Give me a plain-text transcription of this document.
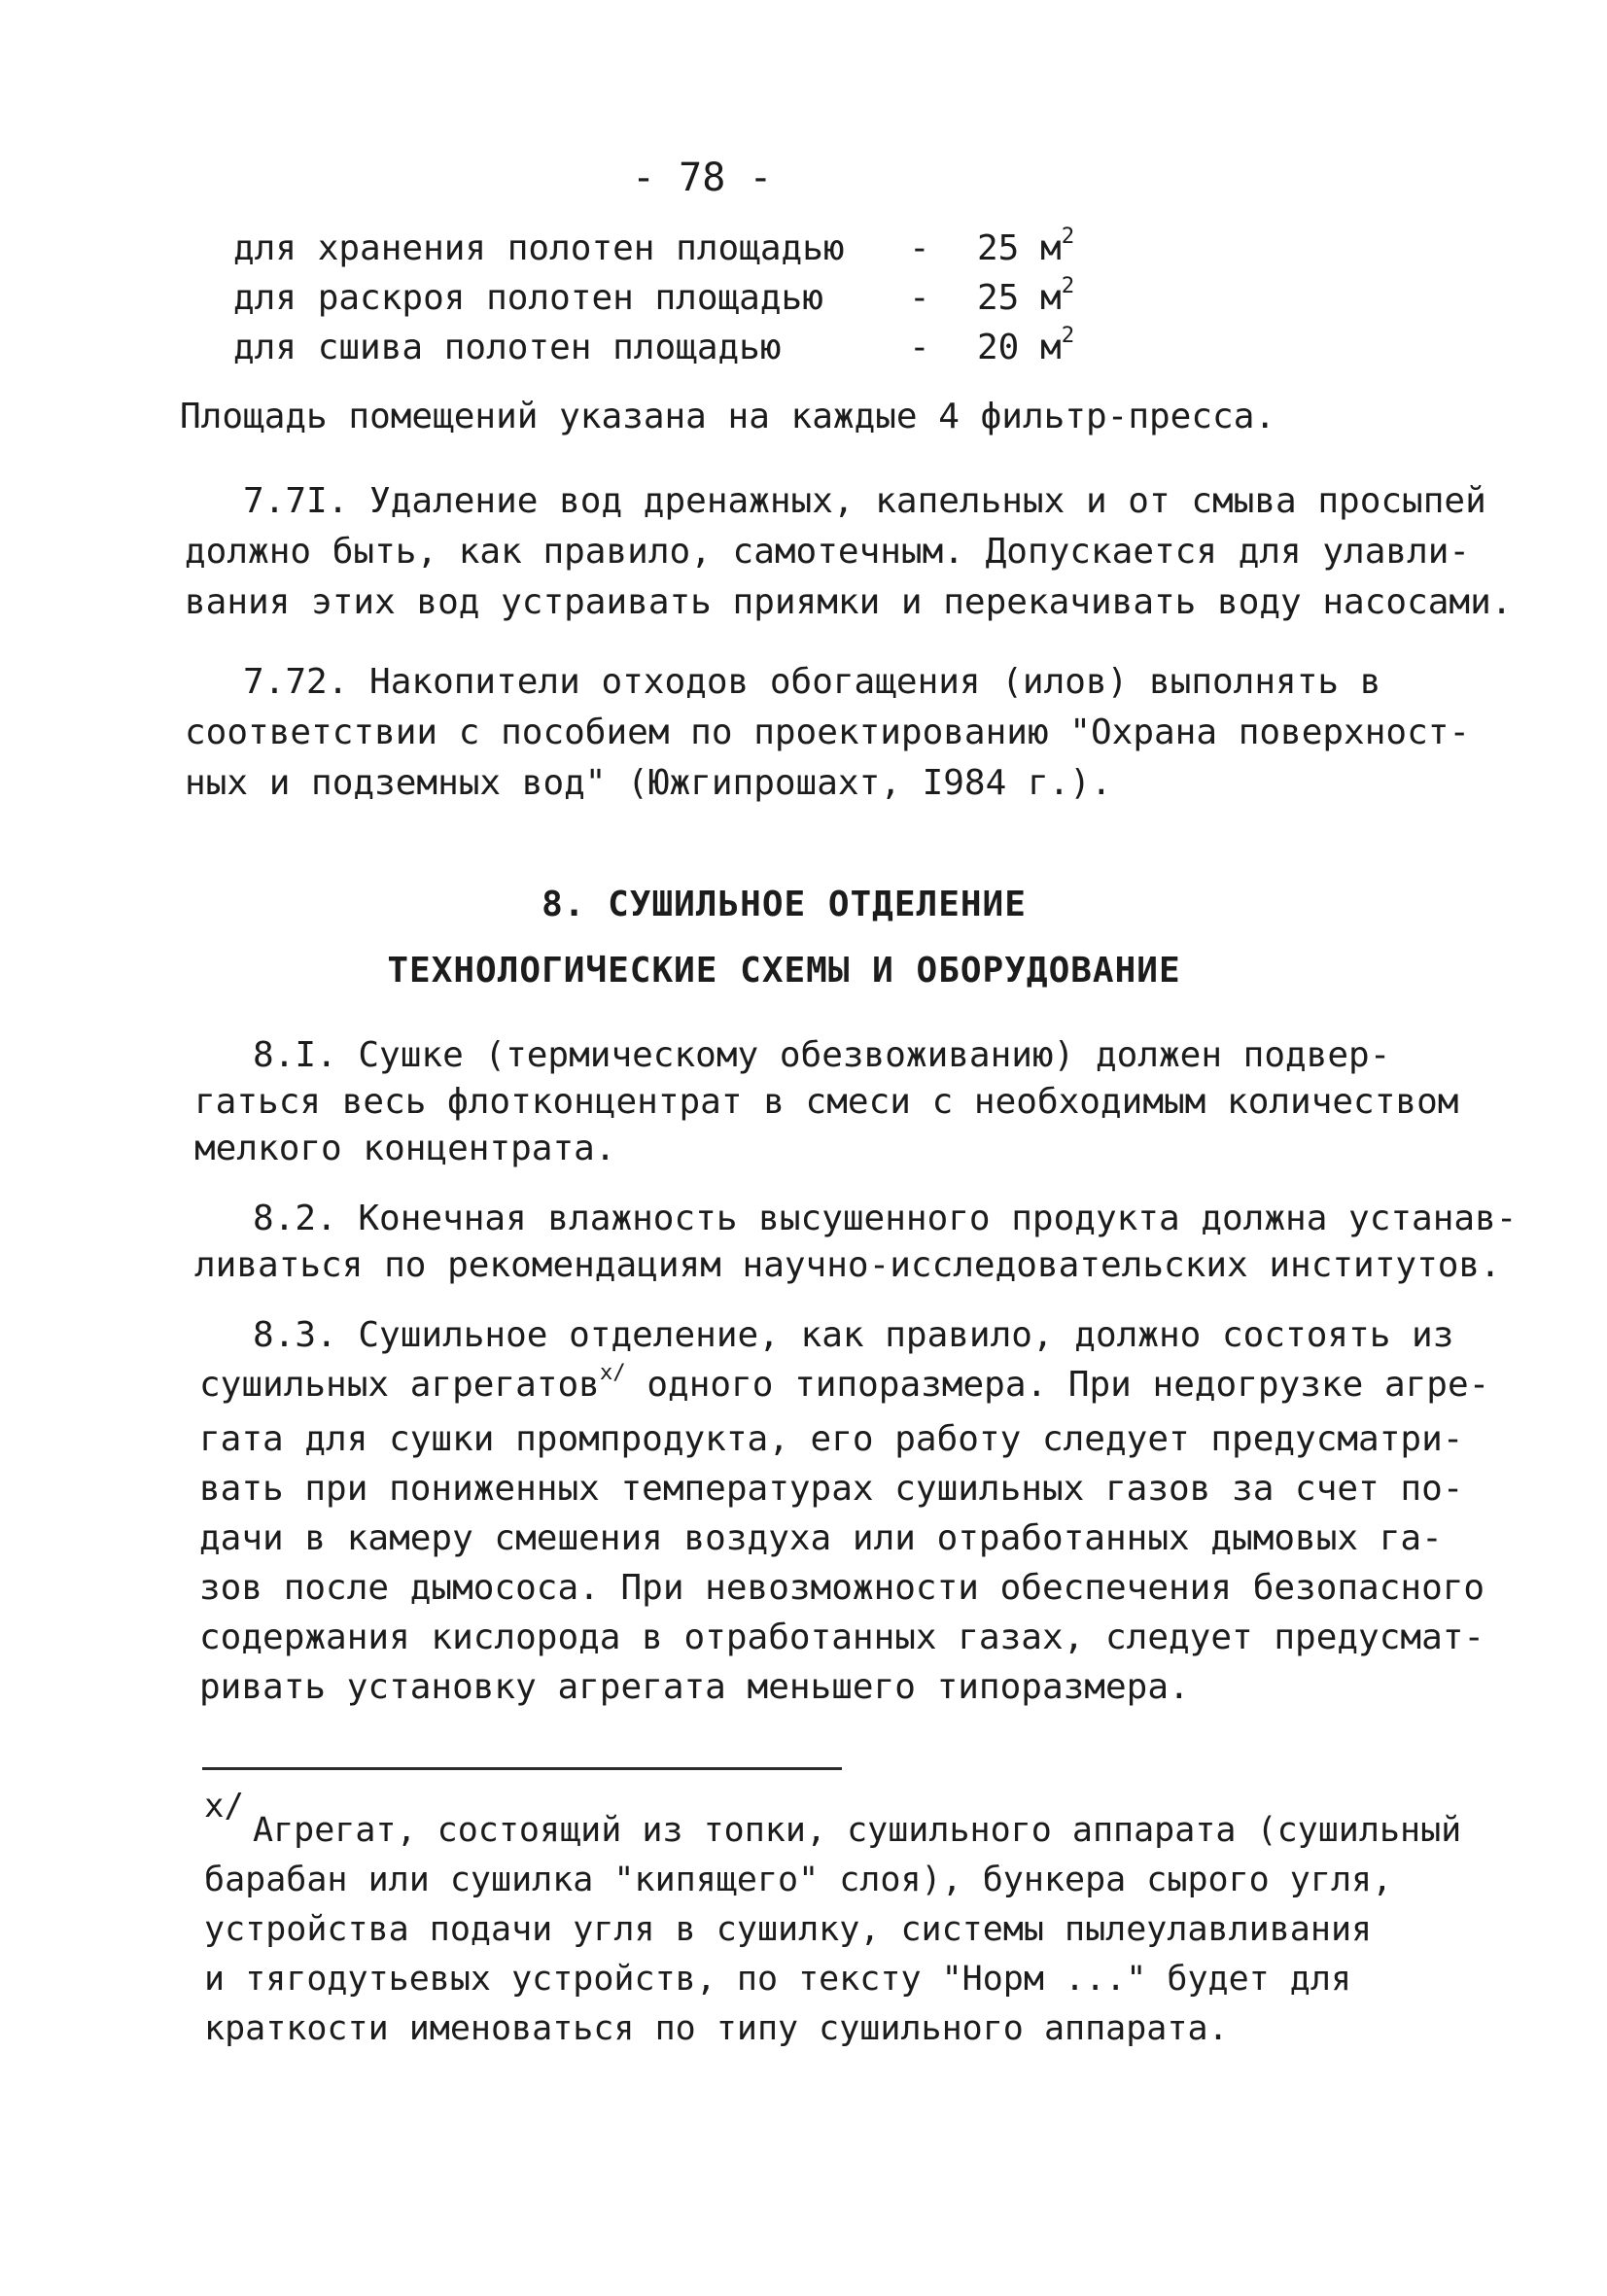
- 78 -
для хранения полотен площадью - 25 $м^2$
для раскроя полотен площадью - 25 $м^2$
для сшива полотен площадью	- 20 $м^2$
Площадь помещений указана на каждые 4 фильтр-пресса.
7.7I. Удаление вод дренажных, капельных и от смыва просыпей
должно быть, как правило, самотечным. Допускается для улавли-
вания этих вод устраивать приямки и перекачивать воду насосами.
7.72. Накопители отходов обогащения (илов) выполнять в
соответствии с пособием по проектированию "Охрана поверхност-
ных и подземных вод" (Южгипрошахт, I984 г.).
8. СУШИЛЬНОЕ ОТДЕЛЕНИЕ
ТЕХНОЛОГИЧЕСКИЕ СХЕМЫ И ОБОРУДОВАНИЕ
8.I. Сушке (термическому обезвоживанию) должен подвер-
гаться весь флотконцентрат в смеси с необходимым количеством
мелкого концентрата.
8.2. Конечная влажность высушенного продукта должна устанав-
ливаться по рекомендациям научно-исследовательских институтов.
8.3. Сушильное отделение, как правило, должно состоять из
сушильных агрегатов$^{x/}$ одного типоразмера. При недогрузке агре-
гата для сушки промпродукта, его работу следует предусматри-
вать при пониженных температурах сушильных газов за счет по-
дачи в камеру смешения воздуха или отработанных дымовых га-
зов после дымососа. При невозможности обеспечения безопасного
содержания кислорода в отработанных газах, следует предусмат-
ривать установку агрегата меньшего типоразмера.
x/
Агрегат, состоящий из топки, сушильного аппарата (сушильный
барабан или сушилка "кипящего" слоя), бункера сырого угля,
устройства подачи угля в сушилку, системы пылеулавливания
и тягодутьевых устройств, по тексту "Норм ..." будет для
краткости именоваться по типу сушильного аппарата.
